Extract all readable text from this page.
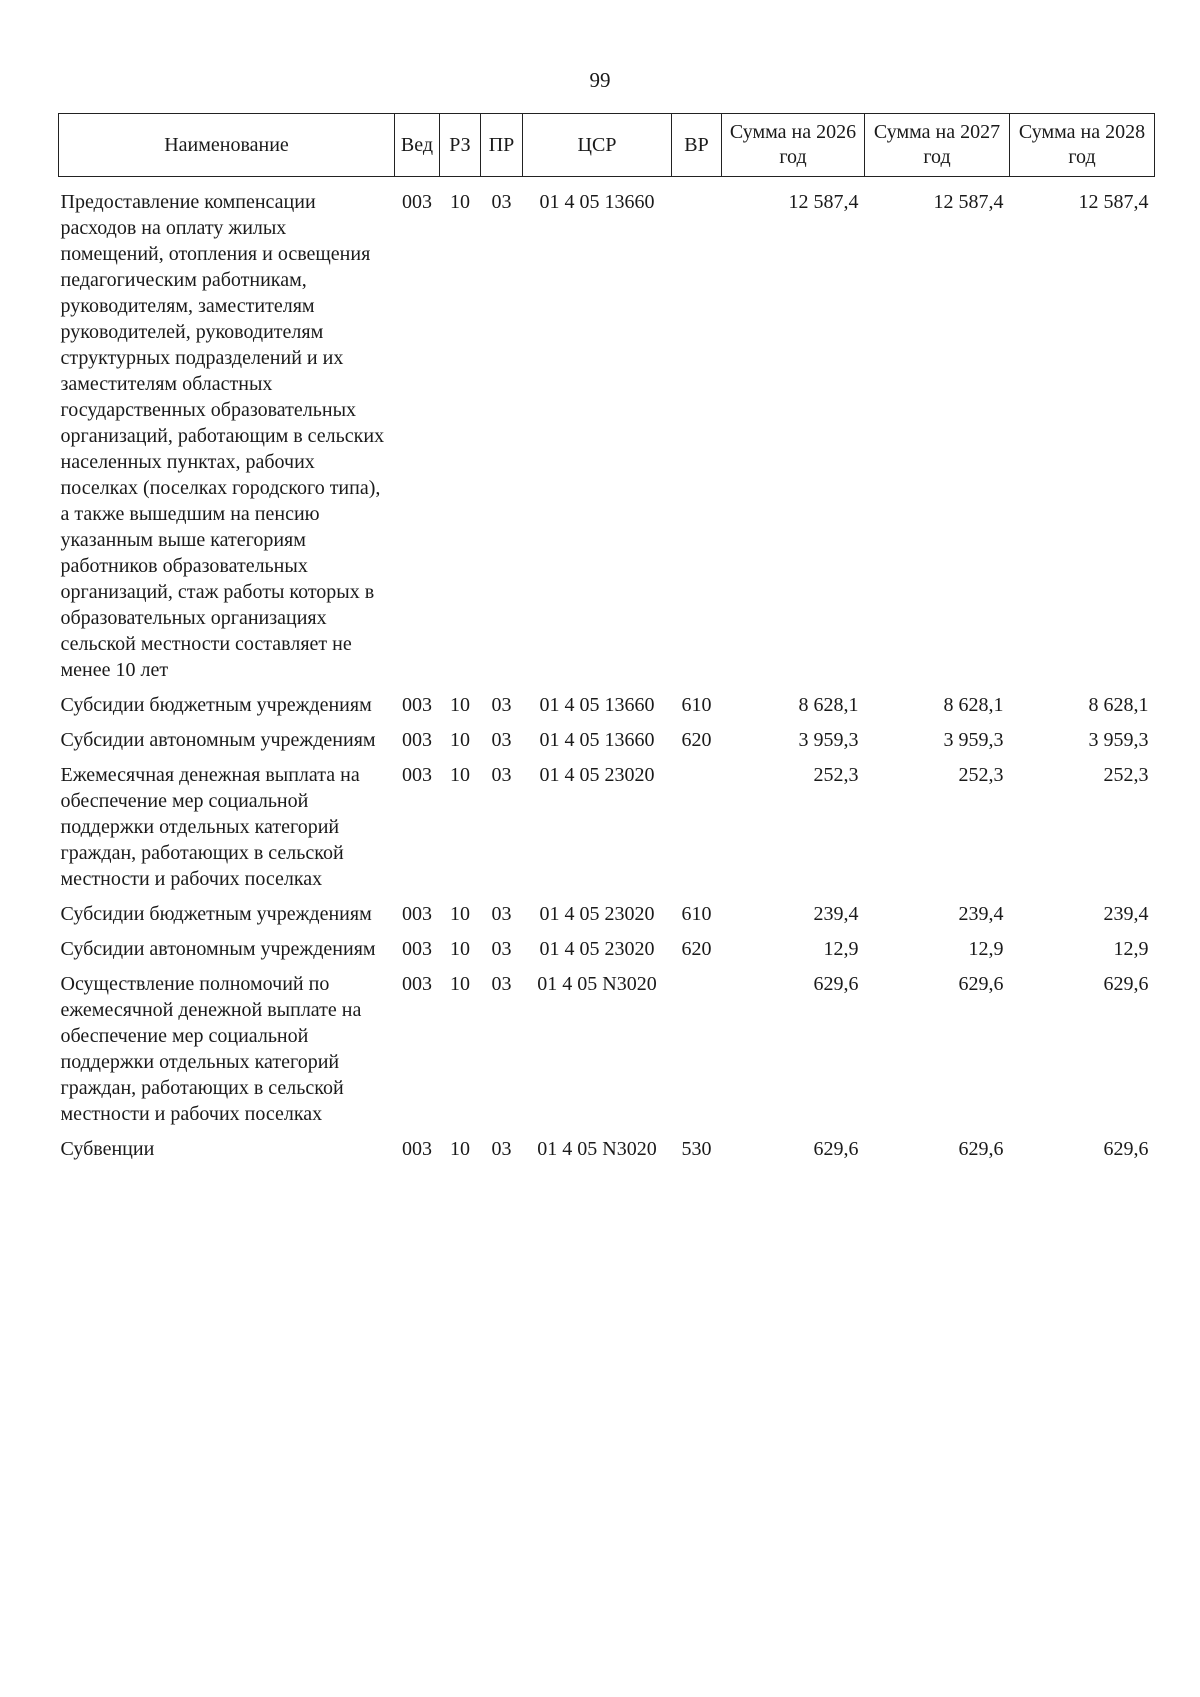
99
Наименование	Вед	РЗ	ПР	ЦСР	ВР	Сумма на 2026 год	Сумма на 2027 год	Сумма на 2028 год
Предоставление компенсации расходов на оплату жилых помещений, отопления и освещения педагогическим работникам, руководителям, заместителям руководителей, руководителям структурных подразделений и их заместителям областных государственных образовательных организаций, работающим в сельских населенных пунктах, рабочих поселках (поселках городского типа), а также вышедшим на пенсию указанным выше категориям работников образовательных организаций, стаж работы которых в образовательных организациях сельской местности составляет не менее 10 лет	003	10	03	01 4 05 13660		12 587,4	12 587,4	12 587,4
Субсидии бюджетным учреждениям	003	10	03	01 4 05 13660	610	8 628,1	8 628,1	8 628,1
Субсидии автономным учреждениям	003	10	03	01 4 05 13660	620	3 959,3	3 959,3	3 959,3
Ежемесячная денежная выплата на обеспечение мер социальной поддержки отдельных категорий граждан, работающих в сельской местности и рабочих поселках	003	10	03	01 4 05 23020		252,3	252,3	252,3
Субсидии бюджетным учреждениям	003	10	03	01 4 05 23020	610	239,4	239,4	239,4
Субсидии автономным учреждениям	003	10	03	01 4 05 23020	620	12,9	12,9	12,9
Осуществление полномочий по ежемесячной денежной выплате на обеспечение мер социальной поддержки отдельных категорий граждан, работающих в сельской местности и рабочих поселках	003	10	03	01 4 05 N3020		629,6	629,6	629,6
Субвенции	003	10	03	01 4 05 N3020	530	629,6	629,6	629,6
